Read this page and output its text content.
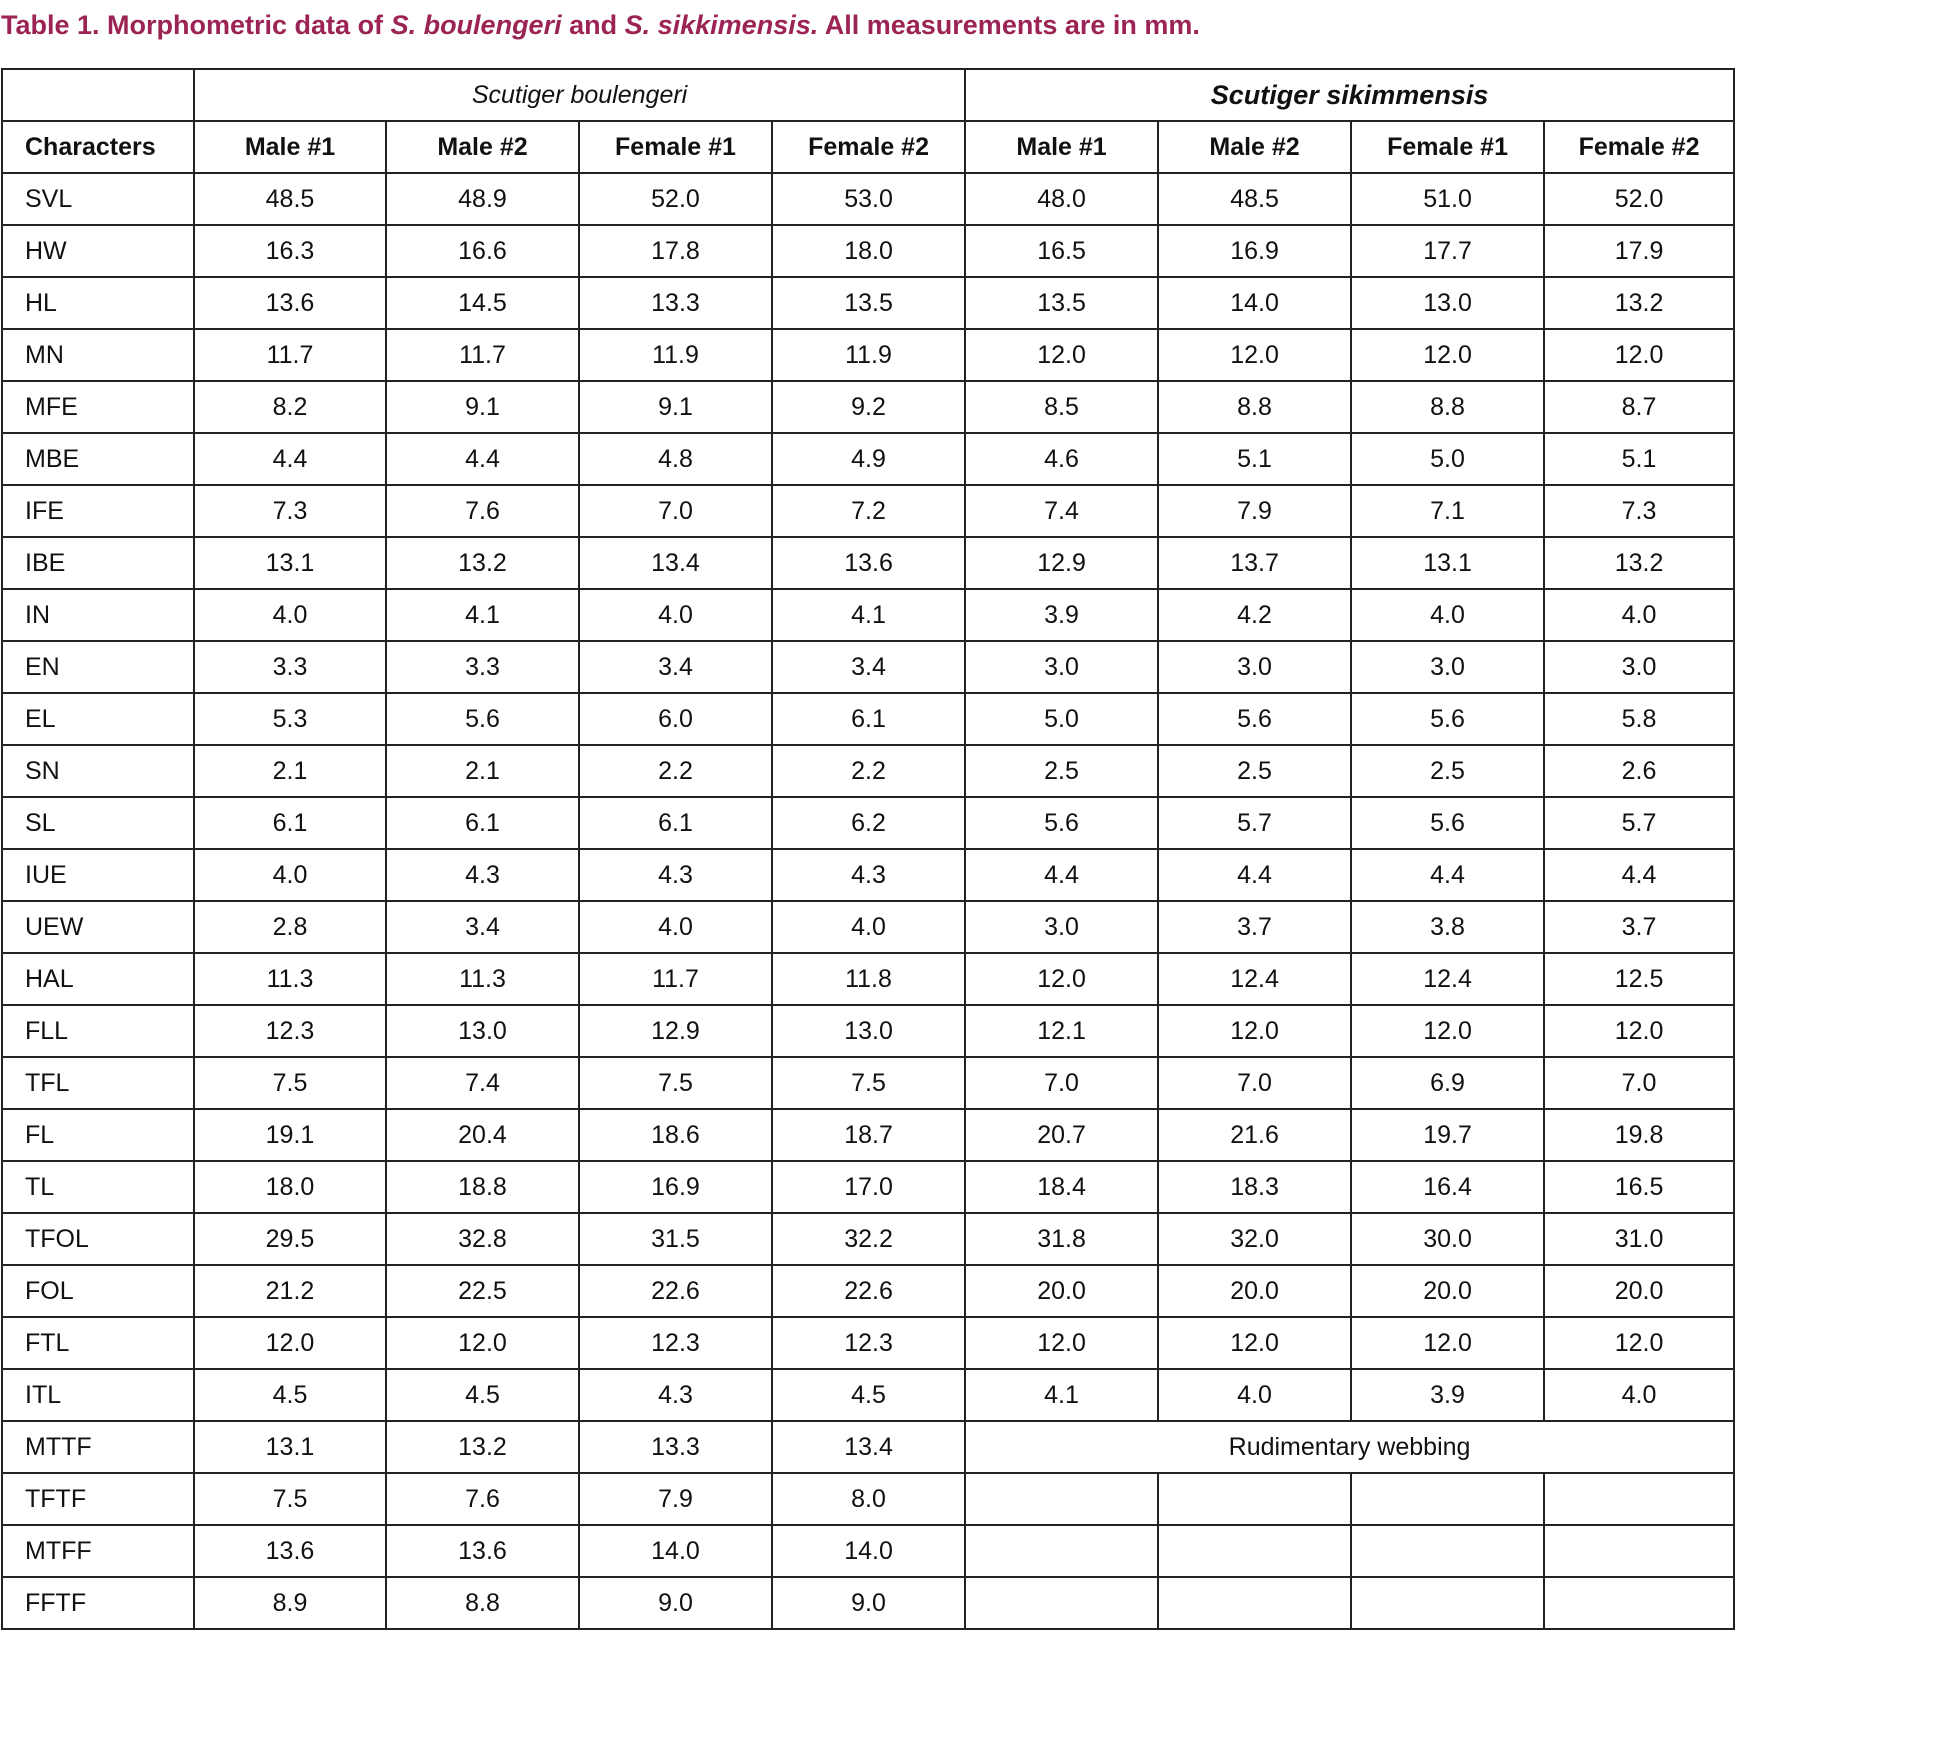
Table 1. Morphometric data of S. boulengeri and S. sikkimensis. All measurements are in mm.
	Scutiger boulengeri				Scutiger sikimmensis			
Characters	Male #1	Male #2	Female #1	Female #2	Male #1	Male #2	Female #1	Female #2
SVL	48.5	48.9	52.0	53.0	48.0	48.5	51.0	52.0
HW	16.3	16.6	17.8	18.0	16.5	16.9	17.7	17.9
HL	13.6	14.5	13.3	13.5	13.5	14.0	13.0	13.2
MN	11.7	11.7	11.9	11.9	12.0	12.0	12.0	12.0
MFE	8.2	9.1	9.1	9.2	8.5	8.8	8.8	8.7
MBE	4.4	4.4	4.8	4.9	4.6	5.1	5.0	5.1
IFE	7.3	7.6	7.0	7.2	7.4	7.9	7.1	7.3
IBE	13.1	13.2	13.4	13.6	12.9	13.7	13.1	13.2
IN	4.0	4.1	4.0	4.1	3.9	4.2	4.0	4.0
EN	3.3	3.3	3.4	3.4	3.0	3.0	3.0	3.0
EL	5.3	5.6	6.0	6.1	5.0	5.6	5.6	5.8
SN	2.1	2.1	2.2	2.2	2.5	2.5	2.5	2.6
SL	6.1	6.1	6.1	6.2	5.6	5.7	5.6	5.7
IUE	4.0	4.3	4.3	4.3	4.4	4.4	4.4	4.4
UEW	2.8	3.4	4.0	4.0	3.0	3.7	3.8	3.7
HAL	11.3	11.3	11.7	11.8	12.0	12.4	12.4	12.5
FLL	12.3	13.0	12.9	13.0	12.1	12.0	12.0	12.0
TFL	7.5	7.4	7.5	7.5	7.0	7.0	6.9	7.0
FL	19.1	20.4	18.6	18.7	20.7	21.6	19.7	19.8
TL	18.0	18.8	16.9	17.0	18.4	18.3	16.4	16.5
TFOL	29.5	32.8	31.5	32.2	31.8	32.0	30.0	31.0
FOL	21.2	22.5	22.6	22.6	20.0	20.0	20.0	20.0
FTL	12.0	12.0	12.3	12.3	12.0	12.0	12.0	12.0
ITL	4.5	4.5	4.3	4.5	4.1	4.0	3.9	4.0
MTTF	13.1	13.2	13.3	13.4	Rudimentary webbing			
TFTF	7.5	7.6	7.9	8.0				
MTFF	13.6	13.6	14.0	14.0				
FFTF	8.9	8.8	9.0	9.0				
